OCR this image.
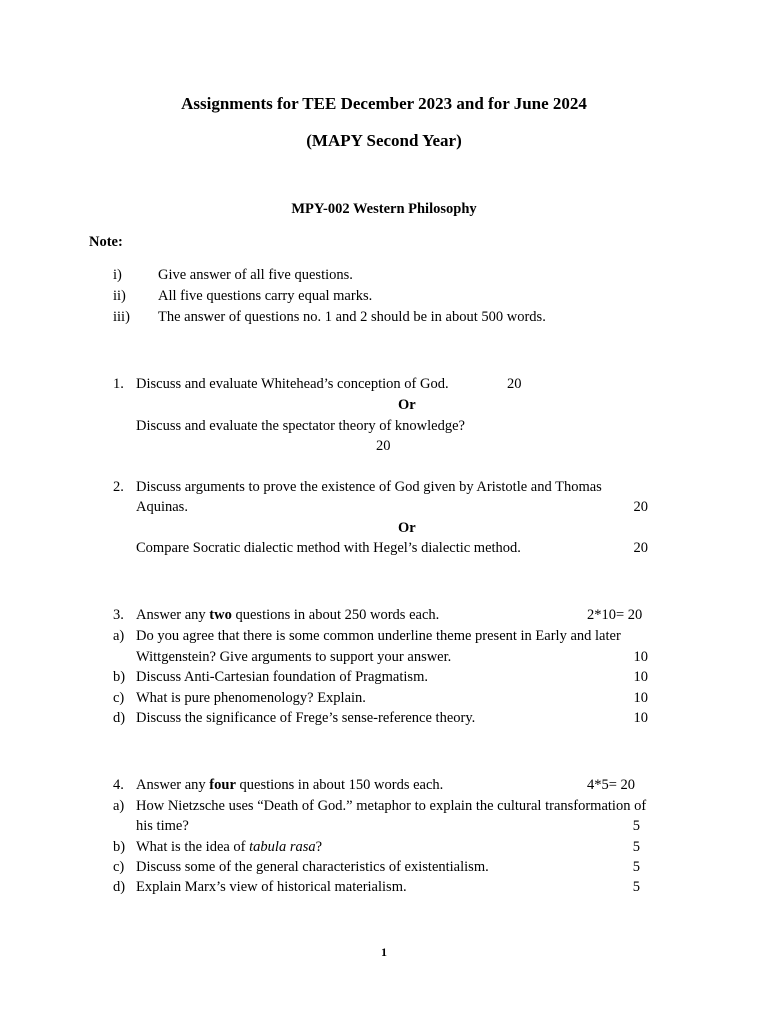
Assignments for TEE December 2023 and for June 2024
(MAPY Second Year)
MPY-002 Western Philosophy
Note:
i) Give answer of all five questions.
ii) All five questions carry equal marks.
iii) The answer of questions no. 1 and 2 should be in about 500 words.
1. Discuss and evaluate Whitehead’s conception of God.	20
Or
Discuss and evaluate the spectator theory of knowledge?
20
2. Discuss arguments to prove the existence of God given by Aristotle and Thomas
Aquinas.	20
Or
Compare Socratic dialectic method with Hegel’s dialectic method.	20
3. Answer any two questions in about 250 words each.	2*10= 20
a) Do you agree that there is some common underline theme present in Early and later
Wittgenstein? Give arguments to support your answer.	10
b) Discuss Anti-Cartesian foundation of Pragmatism.	10
c) What is pure phenomenology? Explain.	10
d) Discuss the significance of Frege’s sense-reference theory.	10
4. Answer any four questions in about 150 words each.	4*5= 20
a) How Nietzsche uses “Death of God.” metaphor to explain the cultural transformation of
his time?	5
b) What is the idea of tabula rasa?	5
c) Discuss some of the general characteristics of existentialism.	5
d) Explain Marx’s view of historical materialism.	5
1
